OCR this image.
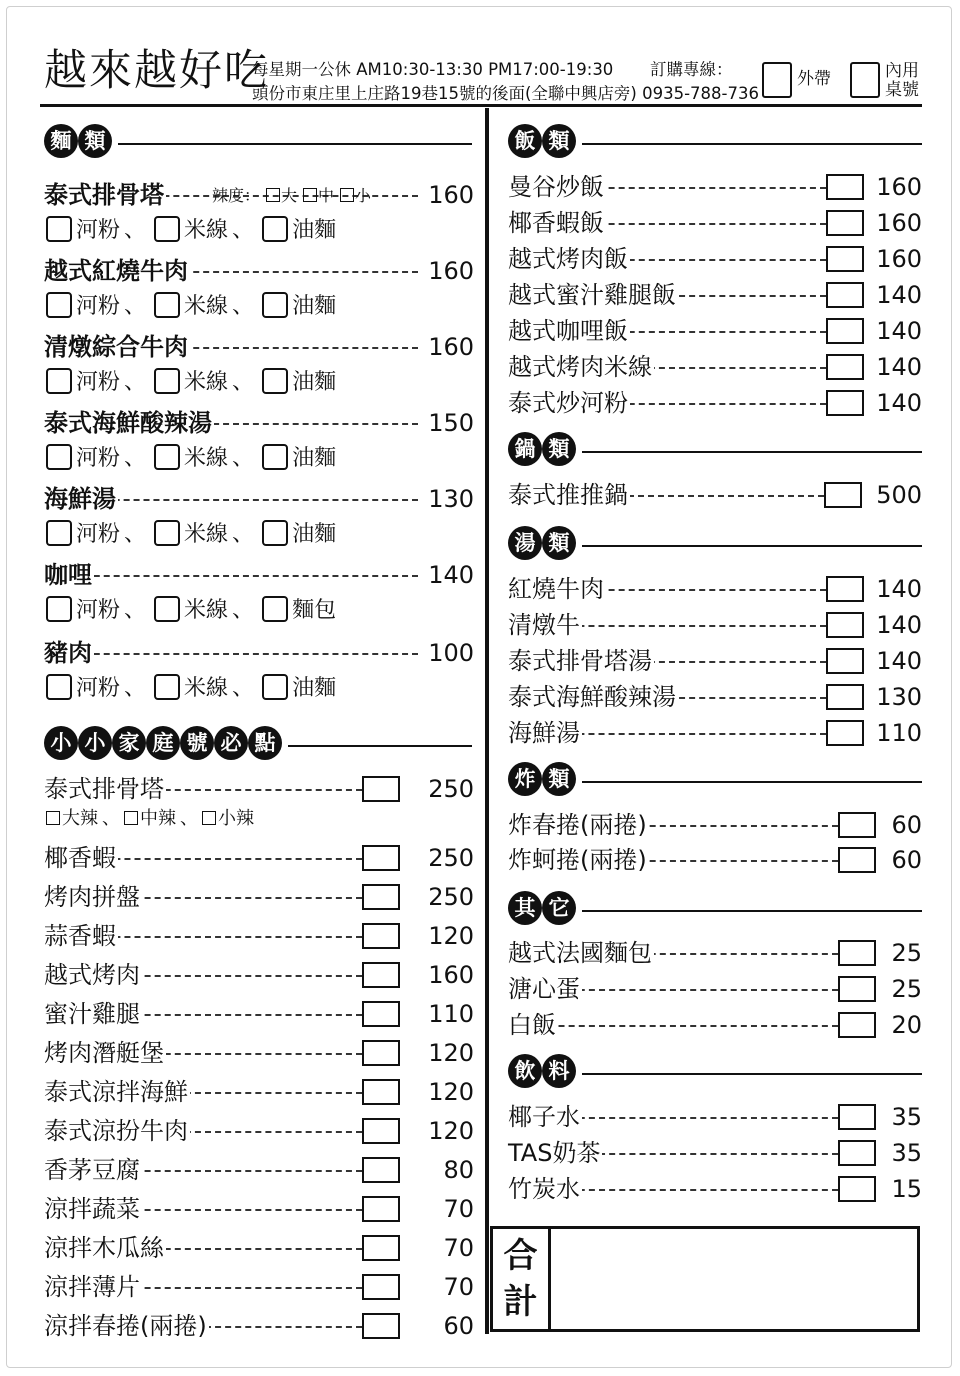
越來越好吃
每星期一公休 AM10:30-13:30 PM17:00-19:30
頭份市東庄里上庄路19巷15號的後面(全聯中興店旁) 0935-788-736
訂購專線：	外帶	內用
桌號
麵 類
泰式排骨塔	160
河粉 、 米線 、 油麵
越式紅燒牛肉	160
河粉 、 米線 、 油麵
清燉綜合牛肉	160
河粉 、 米線 、 油麵
泰式海鮮酸辣湯	150
河粉 、 米線 、 油麵
海鮮湯	130
河粉 、 米線 、 油麵
咖哩	140
河粉 、 米線 、 麵包
豬肉	100
河粉 、 米線 、 油麵
辣度： 大 中 小
小 小 家 庭 號 必 點
泰式排骨塔	250
椰香蝦	250
烤肉拼盤	250
蒜香蝦	120
越式烤肉	160
蜜汁雞腿	110
烤肉潛艇堡	120
泰式涼拌海鮮	120
泰式涼扮牛肉	120
香茅豆腐	80
涼拌蔬菜	70
涼拌木瓜絲	70
涼拌薄片	70
涼拌春捲(兩捲)	60
大辣 、 中辣 、 小辣
飯 類
曼谷炒飯	160
椰香蝦飯	160
越式烤肉飯	160
越式蜜汁雞腿飯	140
越式咖哩飯	140
越式烤肉米線	140
泰式炒河粉	140
鍋 類
泰式推推鍋	500
湯 類
紅燒牛肉	140
清燉牛	140
泰式排骨塔湯	140
泰式海鮮酸辣湯	130
海鮮湯	110
炸 類
炸春捲(兩捲)	60
炸蚵捲(兩捲)	60
其 它
越式法國麵包	25
溏心蛋	25
白飯	20
飲 料
椰子水	35
TAS奶茶	35
竹炭水	15
合
計
